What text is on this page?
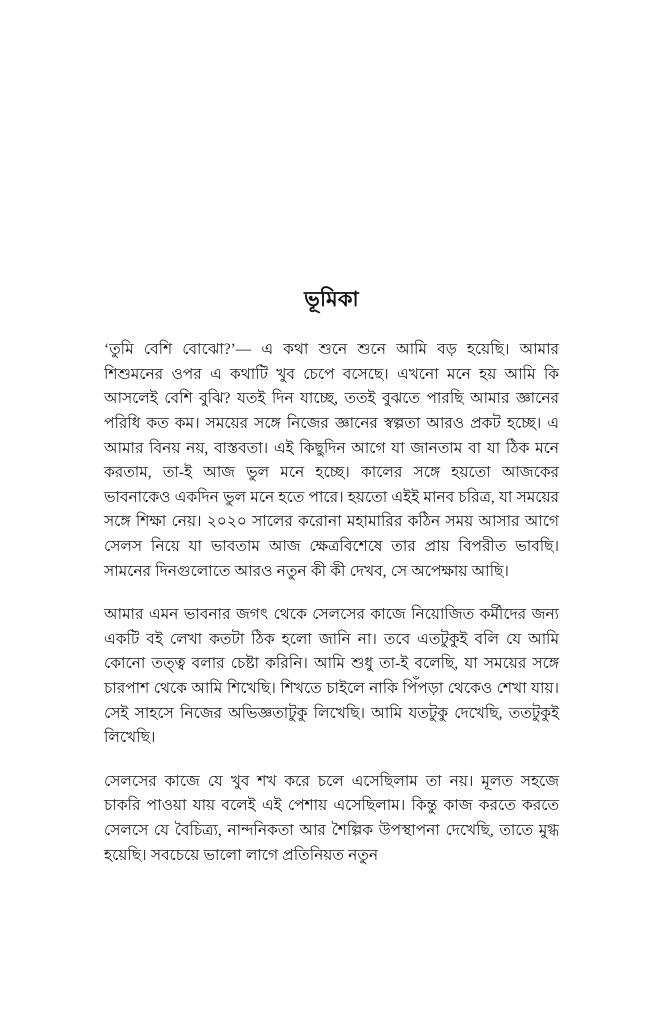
ভূমিকা

‘তুমি বেশি বোঝো?’— এ কথা শুনে শুনে আমি বড় হয়েছি। আমার শিশুমনের ওপর এ কথাটি খুব চেপে বসেছে। এখনো মনে হয় আমি কি আসলেই বেশি বুঝি? যতই দিন যাচ্ছে, ততই বুঝতে পারছি আমার জ্ঞানের পরিধি কত কম। সময়ের সঙ্গে নিজের জ্ঞানের স্বল্পতা আরও প্রকট হচ্ছে। এ আমার বিনয় নয়, বাস্তবতা। এই কিছুদিন আগে যা জানতাম বা যা ঠিক মনে করতাম, তা-ই আজ ভুল মনে হচ্ছে। কালের সঙ্গে হয়তো আজকের ভাবনাকেও একদিন ভুল মনে হতে পারে। হয়তো এইই মানব চরিত্র, যা সময়ের সঙ্গে শিক্ষা নেয়। ২০২০ সালের করোনা মহামারির কঠিন সময় আসার আগে সেলস নিয়ে যা ভাবতাম আজ ক্ষেত্রবিশেষে তার প্রায় বিপরীত ভাবছি। সামনের দিনগুলোতে আরও নতুন কী কী দেখব, সে অপেক্ষায় আছি।

আমার এমন ভাবনার জগৎ থেকে সেলসের কাজে নিয়োজিত কর্মীদের জন্য একটি বই লেখা কতটা ঠিক হলো জানি না। তবে এতটুকুই বলি যে আমি কোনো তত্ত্ব বলার চেষ্টা করিনি। আমি শুধু তা-ই বলেছি, যা সময়ের সঙ্গে চারপাশ থেকে আমি শিখেছি। শিখতে চাইলে নাকি পিঁপড়া থেকেও শেখা যায়। সেই সাহসে নিজের অভিজ্ঞতাটুকু লিখেছি। আমি যতটুকু দেখেছি, ততটুকুই লিখেছি।

সেলসের কাজে যে খুব শখ করে চলে এসেছিলাম তা নয়। মূলত সহজে চাকরি পাওয়া যায় বলেই এই পেশায় এসেছিলাম। কিন্তু কাজ করতে করতে সেলসে যে বৈচিত্র্য, নান্দনিকতা আর শৈল্পিক উপস্থাপনা দেখেছি, তাতে মুগ্ধ হয়েছি। সবচেয়ে ভালো লাগে প্রতিনিয়ত নতুন
